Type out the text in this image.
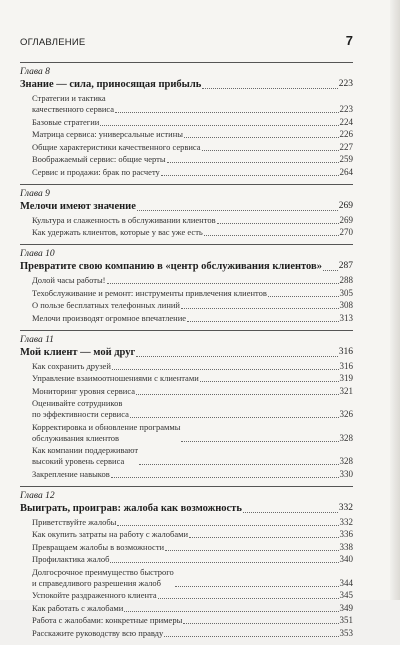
ОГЛАВЛЕНИЕ	7
Глава 8
Знание — сила, приносящая прибыль	223
Стратегии и тактика
качественного сервиса	223
Базовые стратегии	224
Матрица сервиса: универсальные истины	226
Общие характеристики качественного сервиса	227
Воображаемый сервис: общие черты	259
Сервис и продажи: брак по расчету	264
Глава 9
Мелочи имеют значение	269
Культура и слаженность в обслуживании клиентов	269
Как удержать клиентов, которые у вас уже есть	270
Глава 10
Превратите свою компанию в «центр обслуживания клиентов» 287
Долой часы работы!	288
Техобслуживание и ремонт: инструменты привлечения клиентов	305
О пользе бесплатных телефонных линий	308
Мелочи производят огромное впечатление	313
Глава 11
Мой клиент — мой друг	316
Как сохранить друзей	316
Управление взаимоотношениями с клиентами	319
Мониторинг уровня сервиса	321
Оценивайте сотрудников
по эффективности сервиса	326
Корректировка и обновление программы
обслуживания клиентов	328
Как компании поддерживают
высокий уровень сервиса	328
Закрепление навыков	330
Глава 12
Выиграть, проиграв: жалоба как возможность	332
Приветствуйте жалобы	332
Как окупить затраты на работу с жалобами	336
Превращаем жалобы в возможности	338
Профилактика жалоб	340
Долгосрочное преимущество быстрого
и справедливого разрешения жалоб	344
Успокойте раздраженного клиента	345
Как работать с жалобами	349
Работа с жалобами: конкретные примеры	351
Расскажите руководству всю правду	353
